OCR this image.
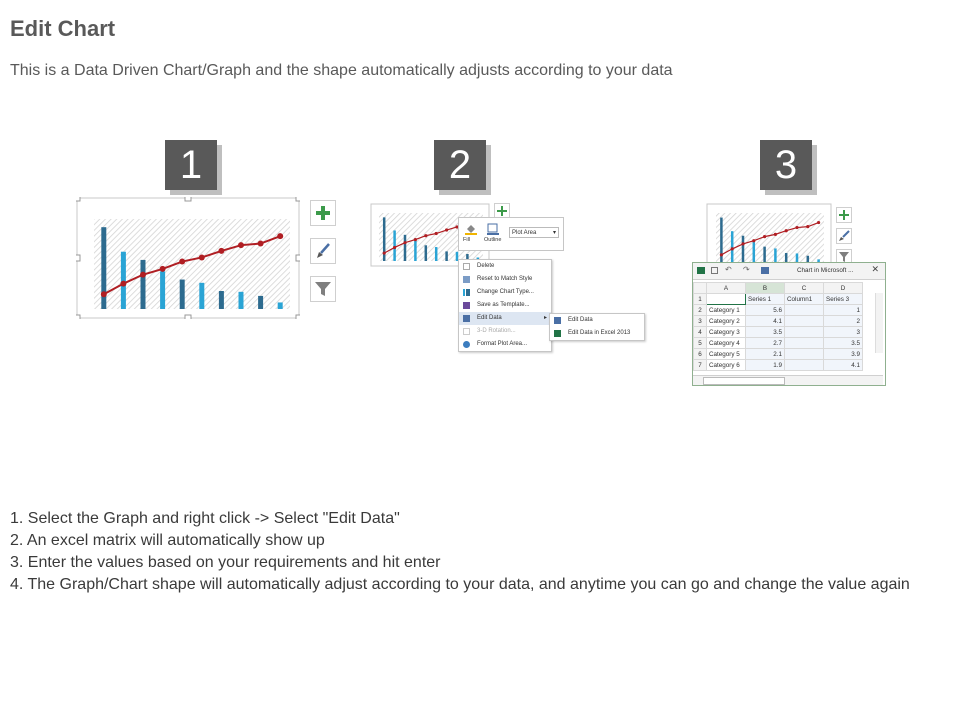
Edit Chart
This is a Data Driven Chart/Graph and the shape automatically adjusts according to your data
1	2	3
Fill	Outline
Plot Area	▾
Delete
Reset to Match Style
Change Chart Type...
Save as Template...
Edit Data	▸
3-D Rotation...
Format Plot Area...
Edit Data
Edit Data in Excel 2013
↶ ↷	Chart in Microsoft ... ✕
	A	B	C	D
1		Series 1	Column1	Series 3
2	Category 1	5.6		1
3	Category 2	4.1		2
4	Category 3	3.5		3
5	Category 4	2.7		3.5
6	Category 5	2.1		3.9
7	Category 6	1.9		4.1
1. Select the Graph and right click -> Select "Edit Data"
2. An excel matrix will automatically show up
3. Enter the values based on your requirements and hit enter
4. The Graph/Chart shape will automatically adjust according to your data, and anytime you can go and change the value again
